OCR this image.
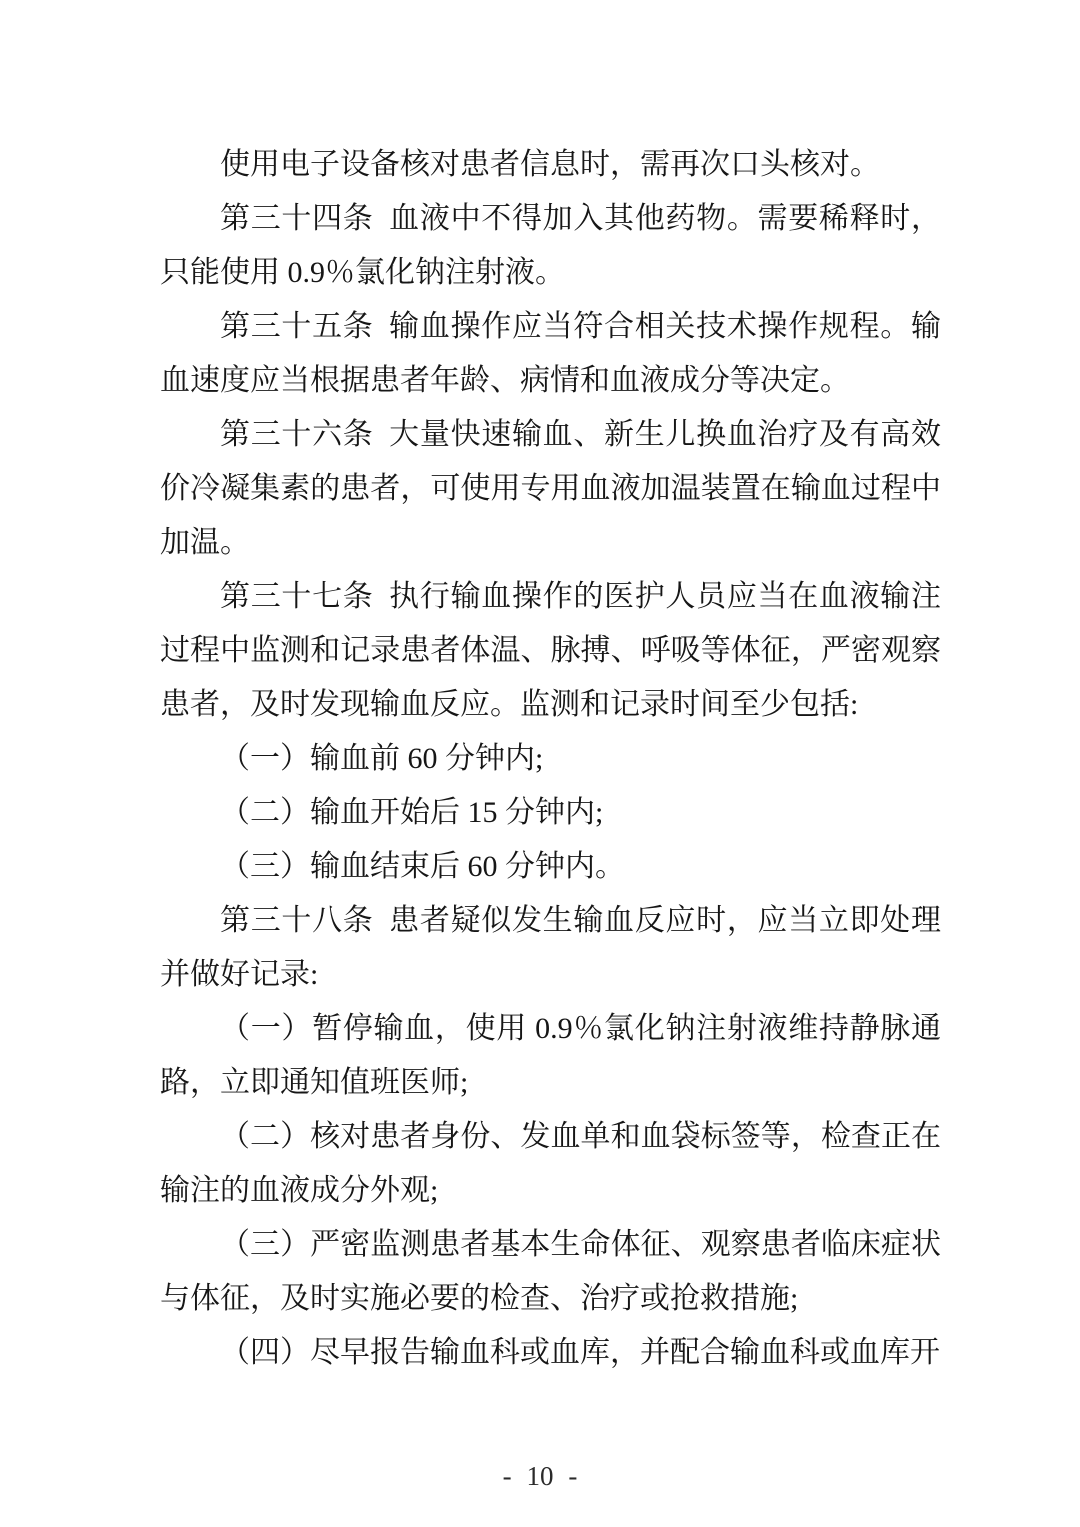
使用电子设备核对患者信息时，需再次口头核对。

第三十四条 血液中不得加入其他药物。需要稀释时，只能使用 0.9％氯化钠注射液。

第三十五条 输血操作应当符合相关技术操作规程。输血速度应当根据患者年龄、病情和血液成分等决定。

第三十六条 大量快速输血、新生儿换血治疗及有高效价冷凝集素的患者，可使用专用血液加温装置在输血过程中加温。

第三十七条 执行输血操作的医护人员应当在血液输注过程中监测和记录患者体温、脉搏、呼吸等体征，严密观察患者，及时发现输血反应。监测和记录时间至少包括:

（一）输血前 60 分钟内;

（二）输血开始后 15 分钟内;

（三）输血结束后 60 分钟内。

第三十八条 患者疑似发生输血反应时，应当立即处理并做好记录:

（一）暂停输血，使用 0.9％氯化钠注射液维持静脉通路，立即通知值班医师;

（二）核对患者身份、发血单和血袋标签等，检查正在输注的血液成分外观;

（三）严密监测患者基本生命体征、观察患者临床症状与体征，及时实施必要的检查、治疗或抢救措施;

（四）尽早报告输血科或血库，并配合输血科或血库开

- 10 -
